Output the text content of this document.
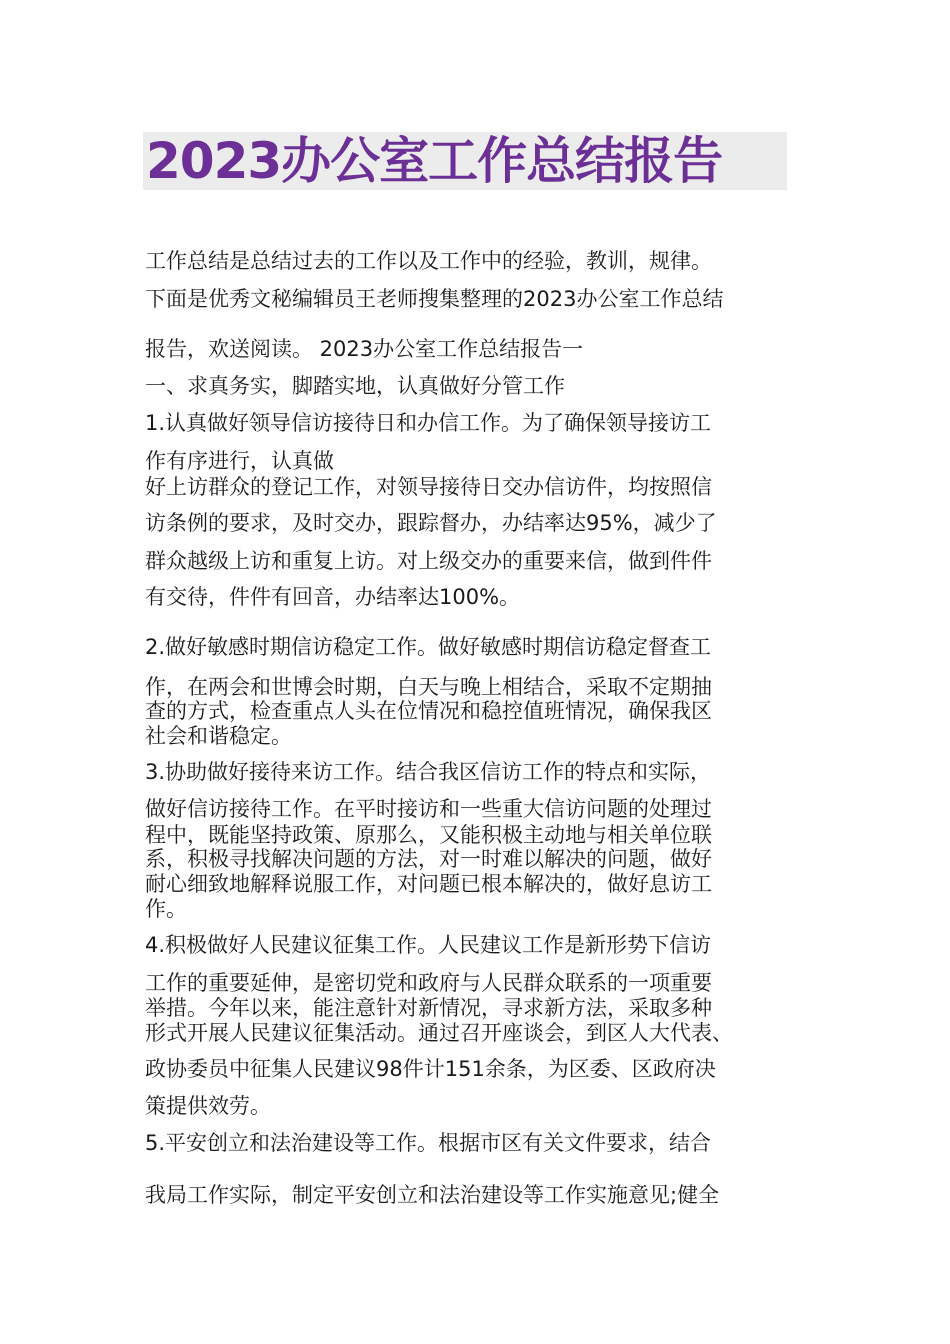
2023办公室工作总结报告

工作总结是总结过去的工作以及工作中的经验，教训，规律。

下面是优秀文秘编辑员王老师搜集整理的2023办公室工作总结

报告，欢送阅读。 2023办公室工作总结报告一

一、求真务实，脚踏实地，认真做好分管工作

1.认真做好领导信访接待日和办信工作。为了确保领导接访工

作有序进行，认真做

好上访群众的登记工作，对领导接待日交办信访件，均按照信

访条例的要求，及时交办，跟踪督办，办结率达95%，减少了

群众越级上访和重复上访。对上级交办的重要来信，做到件件

有交待，件件有回音，办结率达100%。

2.做好敏感时期信访稳定工作。做好敏感时期信访稳定督查工

作，在两会和世博会时期，白天与晚上相结合，采取不定期抽

查的方式，检查重点人头在位情况和稳控值班情况，确保我区

社会和谐稳定。

3.协助做好接待来访工作。结合我区信访工作的特点和实际，

做好信访接待工作。在平时接访和一些重大信访问题的处理过

程中，既能坚持政策、原那么，又能积极主动地与相关单位联

系，积极寻找解决问题的方法，对一时难以解决的问题，做好

耐心细致地解释说服工作，对问题已根本解决的，做好息访工

作。

4.积极做好人民建议征集工作。人民建议工作是新形势下信访

工作的重要延伸，是密切党和政府与人民群众联系的一项重要

举措。今年以来，能注意针对新情况，寻求新方法，采取多种

形式开展人民建议征集活动。通过召开座谈会，到区人大代表、

政协委员中征集人民建议98件计151余条，为区委、区政府决

策提供效劳。

5.平安创立和法治建设等工作。根据市区有关文件要求，结合

我局工作实际，制定平安创立和法治建设等工作实施意见;健全
